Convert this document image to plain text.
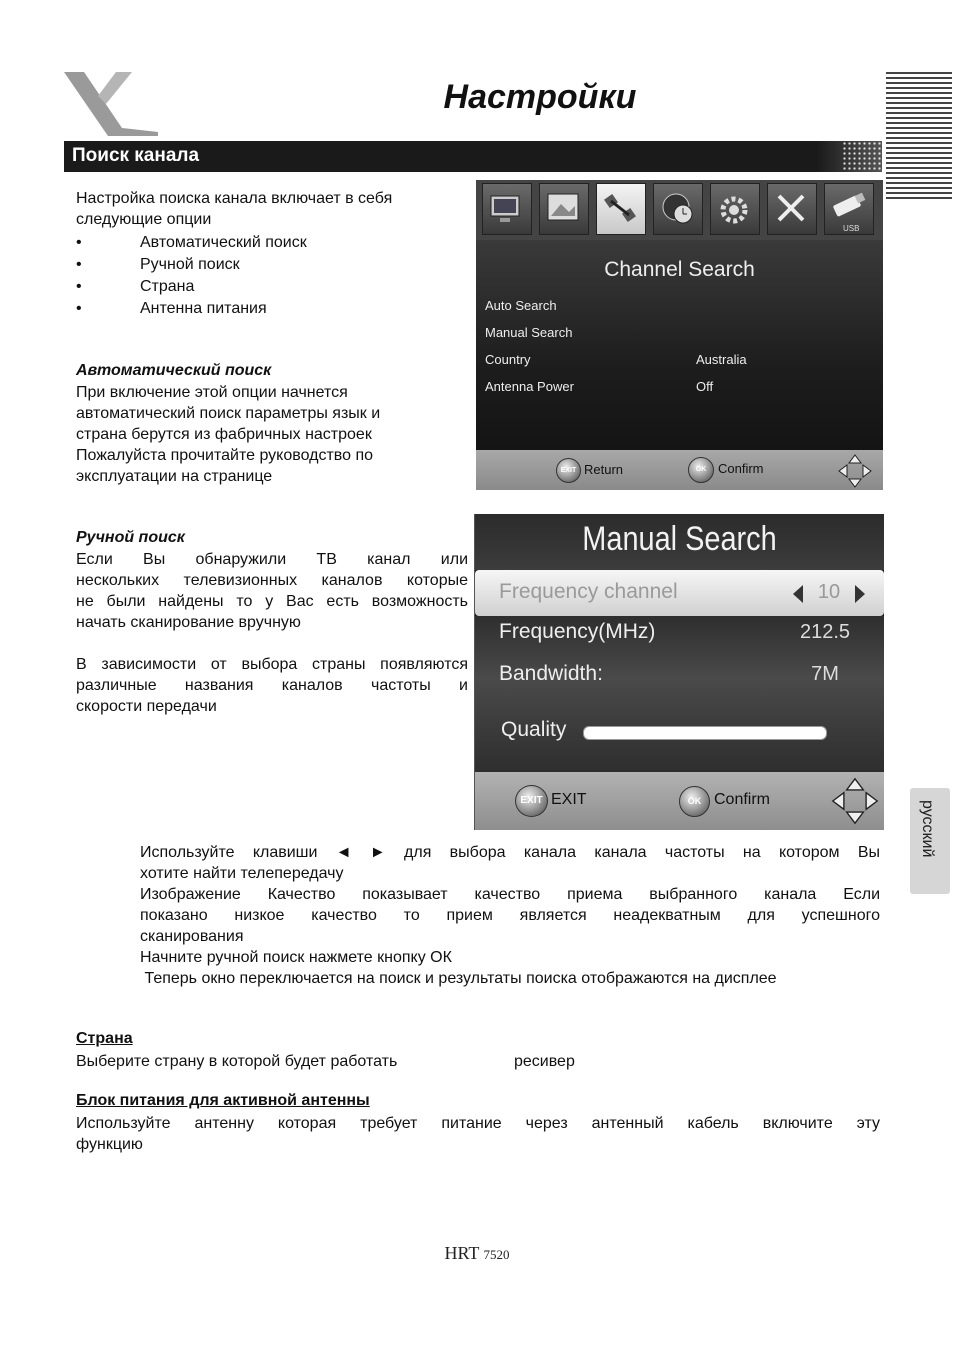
Настройки
Поиск канала
Настройка поиска канала включает в себя
следующие опции
•	Автоматический поиск
•	Ручной поиск
•	Страна
•	Антенна питания
Автоматический поиск
При включение этой опции начнется
автоматический поиск параметры язык и
страна берутся из фабричных настроек
Пожалуйста прочитайте руководство по
эксплуатации на странице
Ручной поиск
Если Вы обнаружили ТВ канал или
нескольких телевизионных каналов которые
не были найдены то у Вас есть возможность
начать сканирование вручную
В зависимости от выбора страны появляются
различные названия каналов частоты и
скорости передачи
USB
Channel Search
Auto Search
Manual Search
Country	Australia
Antenna Power	Off
EXIT Return	OK Confirm
Manual Search
Frequency channel	10
Frequency(MHz)	212.5
Bandwidth:	7M
Quality
EXIT EXIT	OK Confirm
Используйте клавиши ◄ ► для выбора канала канала частоты на котором Вы
хотите найти телепередачу
Изображение Качество показывает качество приема выбранного канала Если
показано низкое качество то прием является неадекватным для успешного
сканирования
Начните ручной поиск нажмете кнопку ОК
Теперь окно переключается на поиск и результаты поиска отображаются на дисплее
Страна
Выберите страну в которой будет работать	ресивер
Блок питания для активной антенны
Используйте антенну которая требует питание через антенный кабель включите эту
функцию
русский
HRT 7520
